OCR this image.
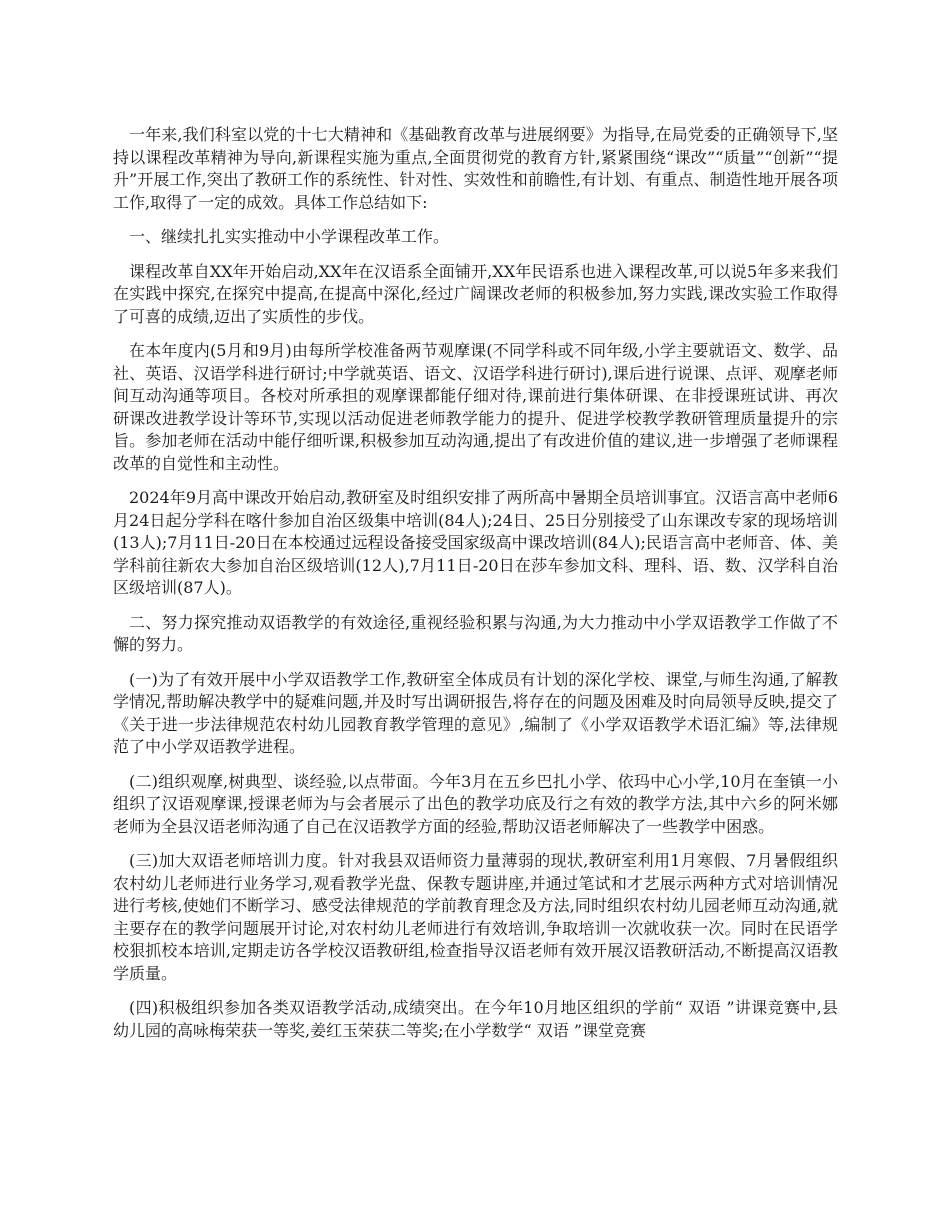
一年来,我们科室以党的十七大精神和《基础教育改革与进展纲要》为指导,在局党委的正确领导下,坚持以课程改革精神为导向,新课程实施为重点,全面贯彻党的教育方针,紧紧围绕“课改”“质量”“创新”“提升”开展工作,突出了教研工作的系统性、针对性、实效性和前瞻性,有计划、有重点、制造性地开展各项工作,取得了一定的成效。具体工作总结如下:

一、继续扎扎实实推动中小学课程改革工作。

课程改革自XX年开始启动,XX年在汉语系全面铺开,XX年民语系也进入课程改革,可以说5年多来我们在实践中探究,在探究中提高,在提高中深化,经过广阔课改老师的积极参加,努力实践,课改实验工作取得了可喜的成绩,迈出了实质性的步伐。

在本年度内(5月和9月)由每所学校准备两节观摩课(不同学科或不同年级,小学主要就语文、数学、品社、英语、汉语学科进行研讨;中学就英语、语文、汉语学科进行研讨),课后进行说课、点评、观摩老师间互动沟通等项目。各校对所承担的观摩课都能仔细对待,课前进行集体研课、在非授课班试讲、再次研课改进教学设计等环节,实现以活动促进老师教学能力的提升、促进学校教学教研管理质量提升的宗旨。参加老师在活动中能仔细听课,积极参加互动沟通,提出了有改进价值的建议,进一步增强了老师课程改革的自觉性和主动性。

2024年9月高中课改开始启动,教研室及时组织安排了两所高中暑期全员培训事宜。汉语言高中老师6月24日起分学科在喀什参加自治区级集中培训(84人);24日、25日分别接受了山东课改专家的现场培训(13人);7月11日-20日在本校通过远程设备接受国家级高中课改培训(84人);民语言高中老师音、体、美学科前往新农大参加自治区级培训(12人),7月11日-20日在莎车参加文科、理科、语、数、汉学科自治区级培训(87人)。

二、努力探究推动双语教学的有效途径,重视经验积累与沟通,为大力推动中小学双语教学工作做了不懈的努力。

(一)为了有效开展中小学双语教学工作,教研室全体成员有计划的深化学校、课堂,与师生沟通,了解教学情况,帮助解决教学中的疑难问题,并及时写出调研报告,将存在的问题及困难及时向局领导反映,提交了《关于进一步法律规范农村幼儿园教育教学管理的意见》,编制了《小学双语教学术语汇编》等,法律规范了中小学双语教学进程。

(二)组织观摩,树典型、谈经验,以点带面。今年3月在五乡巴扎小学、依玛中心小学,10月在奎镇一小组织了汉语观摩课,授课老师为与会者展示了出色的教学功底及行之有效的教学方法,其中六乡的阿米娜老师为全县汉语老师沟通了自己在汉语教学方面的经验,帮助汉语老师解决了一些教学中困惑。

(三)加大双语老师培训力度。针对我县双语师资力量薄弱的现状,教研室利用1月寒假、7月暑假组织农村幼儿老师进行业务学习,观看教学光盘、保教专题讲座,并通过笔试和才艺展示两种方式对培训情况进行考核,使她们不断学习、感受法律规范的学前教育理念及方法,同时组织农村幼儿园老师互动沟通,就主要存在的教学问题展开讨论,对农村幼儿老师进行有效培训,争取培训一次就收获一次。同时在民语学校狠抓校本培训,定期走访各学校汉语教研组,检查指导汉语老师有效开展汉语教研活动,不断提高汉语教学质量。

(四)积极组织参加各类双语教学活动,成绩突出。在今年10月地区组织的学前“ 双语 ”讲课竞赛中,县幼儿园的高咏梅荣获一等奖,姜红玉荣获二等奖;在小学数学“ 双语 ”课堂竞赛
